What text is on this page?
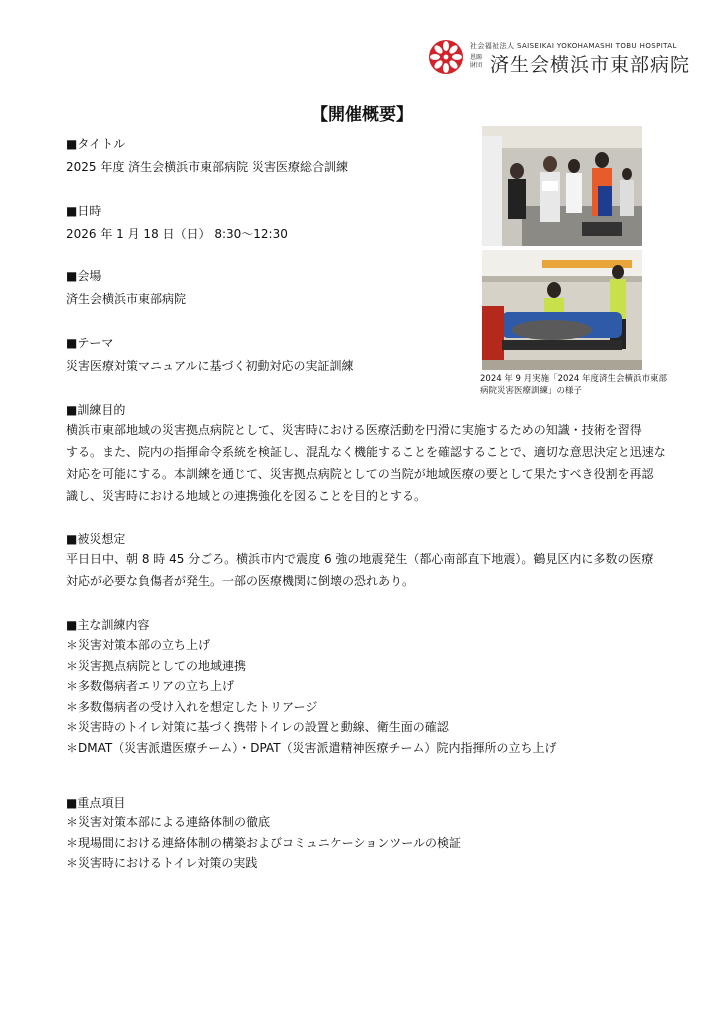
社会福祉法人 SAISEIKAI YOKOHAMASHI TOBU HOSPITAL
恩賜 財団 済生会横浜市東部病院
【開催概要】
■タイトル
2025 年度 済生会横浜市東部病院 災害医療総合訓練
■日時
2026 年 1 月 18 日（日） 8:30〜12:30
■会場
済生会横浜市東部病院
■テーマ
災害医療対策マニュアルに基づく初動対応の実証訓練
2024 年 9 月実施「2024 年度済生会横浜市東部
病院災害医療訓練」の様子
■訓練目的
横浜市東部地域の災害拠点病院として、災害時における医療活動を円滑に実施するための知識・技術を習得
する。また、院内の指揮命令系統を検証し、混乱なく機能することを確認することで、適切な意思決定と迅速な
対応を可能にする。本訓練を通じて、災害拠点病院としての当院が地域医療の要として果たすべき役割を再認
識し、災害時における地域との連携強化を図ることを目的とする。
■被災想定
平日日中、朝 8 時 45 分ごろ。横浜市内で震度 6 強の地震発生（都心南部直下地震）。鶴見区内に多数の医療
対応が必要な負傷者が発生。一部の医療機関に倒壊の恐れあり。
■主な訓練内容
＊災害対策本部の立ち上げ
＊災害拠点病院としての地域連携
＊多数傷病者エリアの立ち上げ
＊多数傷病者の受け入れを想定したトリアージ
＊災害時のトイレ対策に基づく携帯トイレの設置と動線、衛生面の確認
＊DMAT（災害派遣医療チーム）・DPAT（災害派遣精神医療チーム）院内指揮所の立ち上げ
■重点項目
＊災害対策本部による連絡体制の徹底
＊現場間における連絡体制の構築およびコミュニケーションツールの検証
＊災害時におけるトイレ対策の実践
